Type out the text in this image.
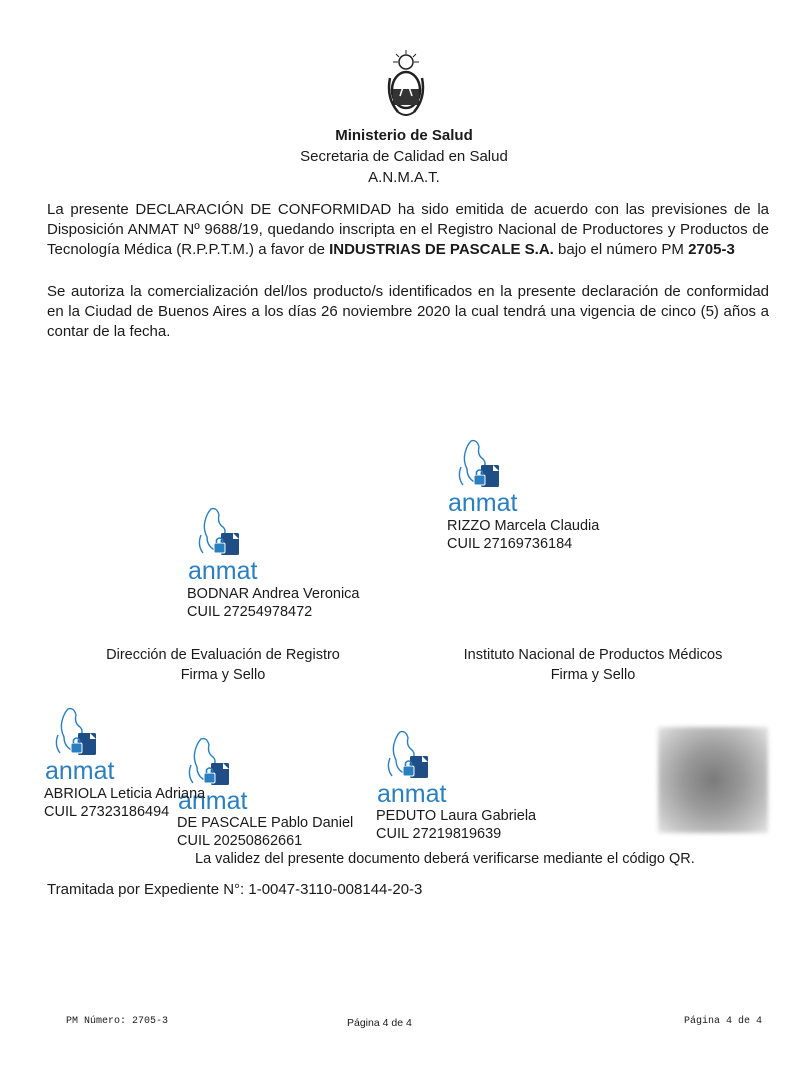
Ministerio de Salud
Secretaria de Calidad en Salud
A.N.M.A.T.
La presente DECLARACIÓN DE CONFORMIDAD ha sido emitida de acuerdo con las previsiones de la Disposición ANMAT Nº 9688/19, quedando inscripta en el Registro Nacional de Productores y Productos de Tecnología Médica (R.P.P.T.M.) a favor de INDUSTRIAS DE PASCALE S.A. bajo el número PM 2705-3
Se autoriza la comercialización del/los producto/s identificados en la presente declaración de conformidad en la Ciudad de Buenos Aires a los días 26 noviembre 2020 la cual tendrá una vigencia de cinco (5) años a contar de la fecha.
anmat
RIZZO Marcela Claudia
CUIL 27169736184
anmat
BODNAR Andrea Veronica
CUIL 27254978472
Dirección de Evaluación de Registro
Firma y Sello
Instituto Nacional de Productos Médicos
Firma y Sello
anmat
anmat	anmat
ABRIOLA Leticia Adriana
CUIL 27323186494
DE PASCALE Pablo Daniel
CUIL 20250862661
PEDUTO Laura Gabriela
CUIL 27219819639
La validez del presente documento deberá verificarse mediante el código QR.
Tramitada por Expediente N°: 1-0047-3110-008144-20-3
PM Número: 2705-3	Página 4 de 4	Página 4 de 4
